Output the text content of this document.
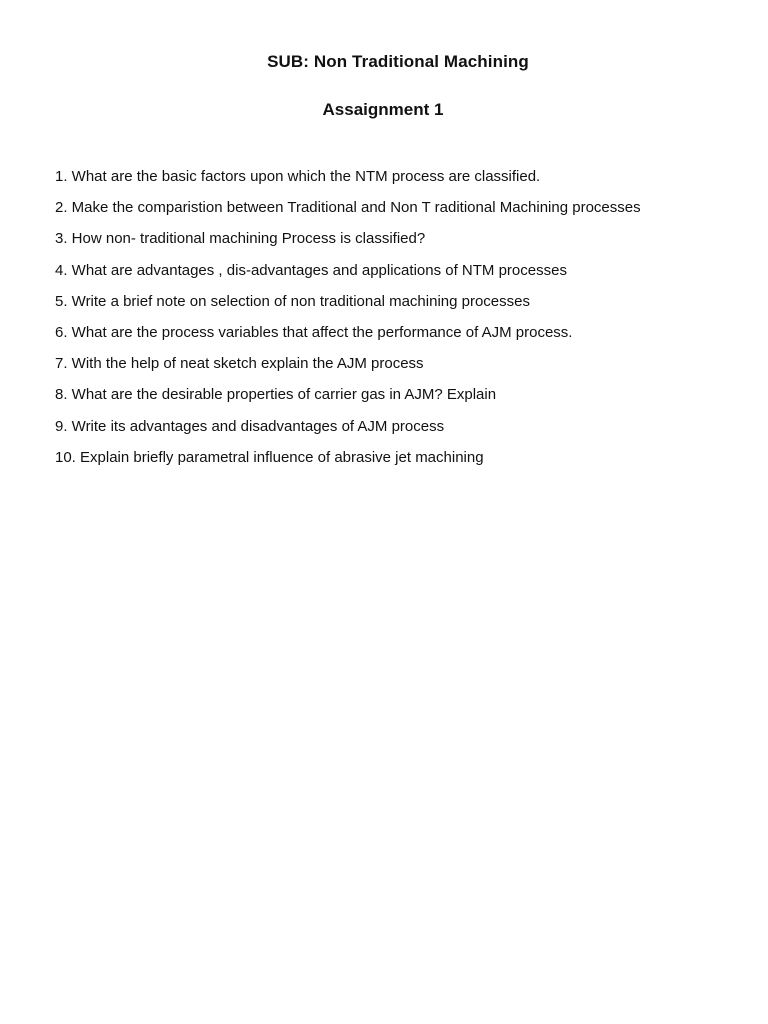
SUB: Non Traditional Machining
Assaignment 1
1. What are the basic factors upon which the NTM process are classified.
2. Make the comparistion between Traditional and Non T raditional Machining processes
3. How non- traditional machining Process is classified?
4. What are advantages , dis-advantages and applications of NTM processes
5. Write a brief note on selection of non traditional machining processes
6. What are the process variables that affect the performance of AJM process.
7. With the help of neat sketch explain the AJM process
8. What are the desirable properties of carrier gas in AJM? Explain
9. Write its advantages and disadvantages of AJM process
10. Explain briefly parametral influence of abrasive jet machining
